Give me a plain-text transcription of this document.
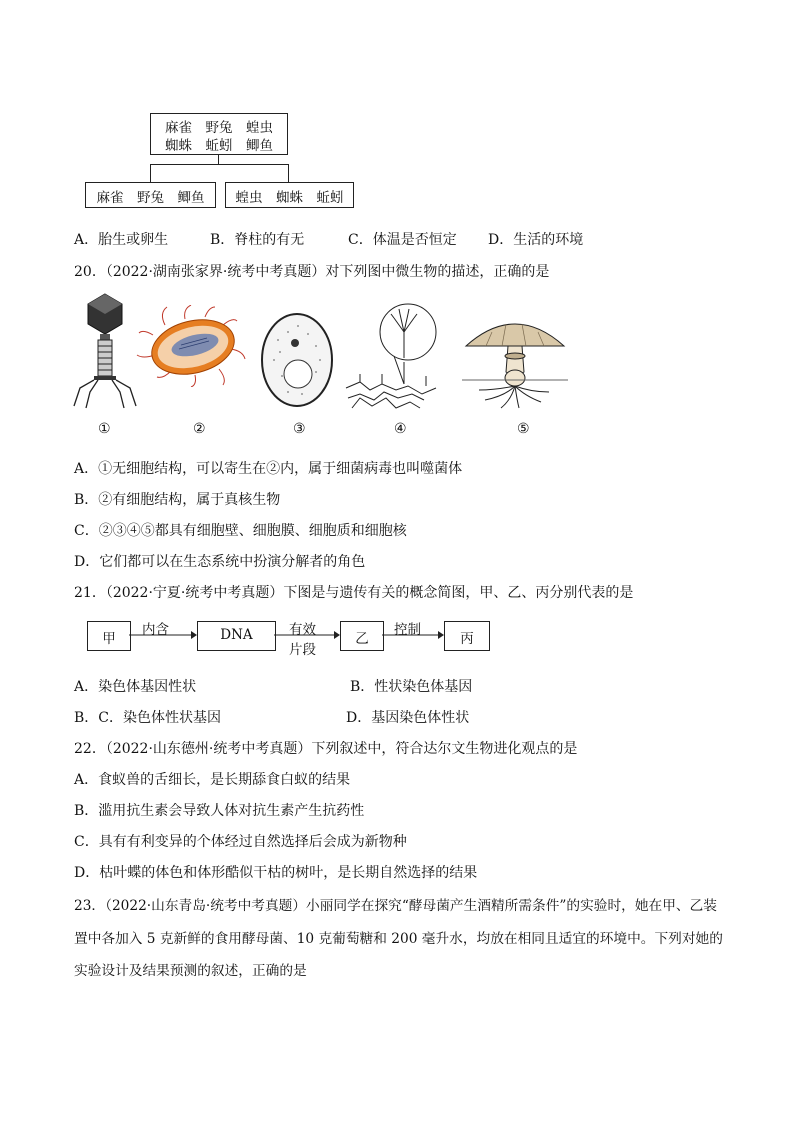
麻雀　野兔　蝗虫
蜘蛛　蚯蚓　鲫鱼
麻雀　野兔　鲫鱼	蝗虫　蜘蛛　蚯蚓
A．胎生或卵生	B．脊柱的有无	C．体温是否恒定 D．生活的环境
20．（2022·湖南张家界·统考中考真题）对下列图中微生物的描述，正确的是
①	②	③	④	⑤
A．①无细胞结构，可以寄生在②内，属于细菌病毒也叫噬菌体
B．②有细胞结构，属于真核生物
C．②③④⑤都具有细胞壁、细胞膜、细胞质和细胞核
D．它们都可以在生态系统中扮演分解者的角色
21．（2022·宁夏·统考中考真题）下图是与遗传有关的概念简图，甲、乙、丙分别代表的是
甲
内含	DNA	有效
片段
乙
控制
丙
A．染色体基因性状	B．性状染色体基因
B．C．染色体性状基因	D．基因染色体性状
22．（2022·山东德州·统考中考真题）下列叙述中，符合达尔文生物进化观点的是
A．食蚁兽的舌细长，是长期舔食白蚁的结果
B．滥用抗生素会导致人体对抗生素产生抗药性
C．具有有利变异的个体经过自然选择后会成为新物种
D．枯叶蝶的体色和体形酷似干枯的树叶，是长期自然选择的结果
23．（2022·山东青岛·统考中考真题）小丽同学在探究“酵母菌产生酒精所需条件”的实验时，她在甲、乙装
置中各加入 5 克新鲜的食用酵母菌、10 克葡萄糖和 200 毫升水，均放在相同且适宜的环境中。下列对她的
实验设计及结果预测的叙述，正确的是
